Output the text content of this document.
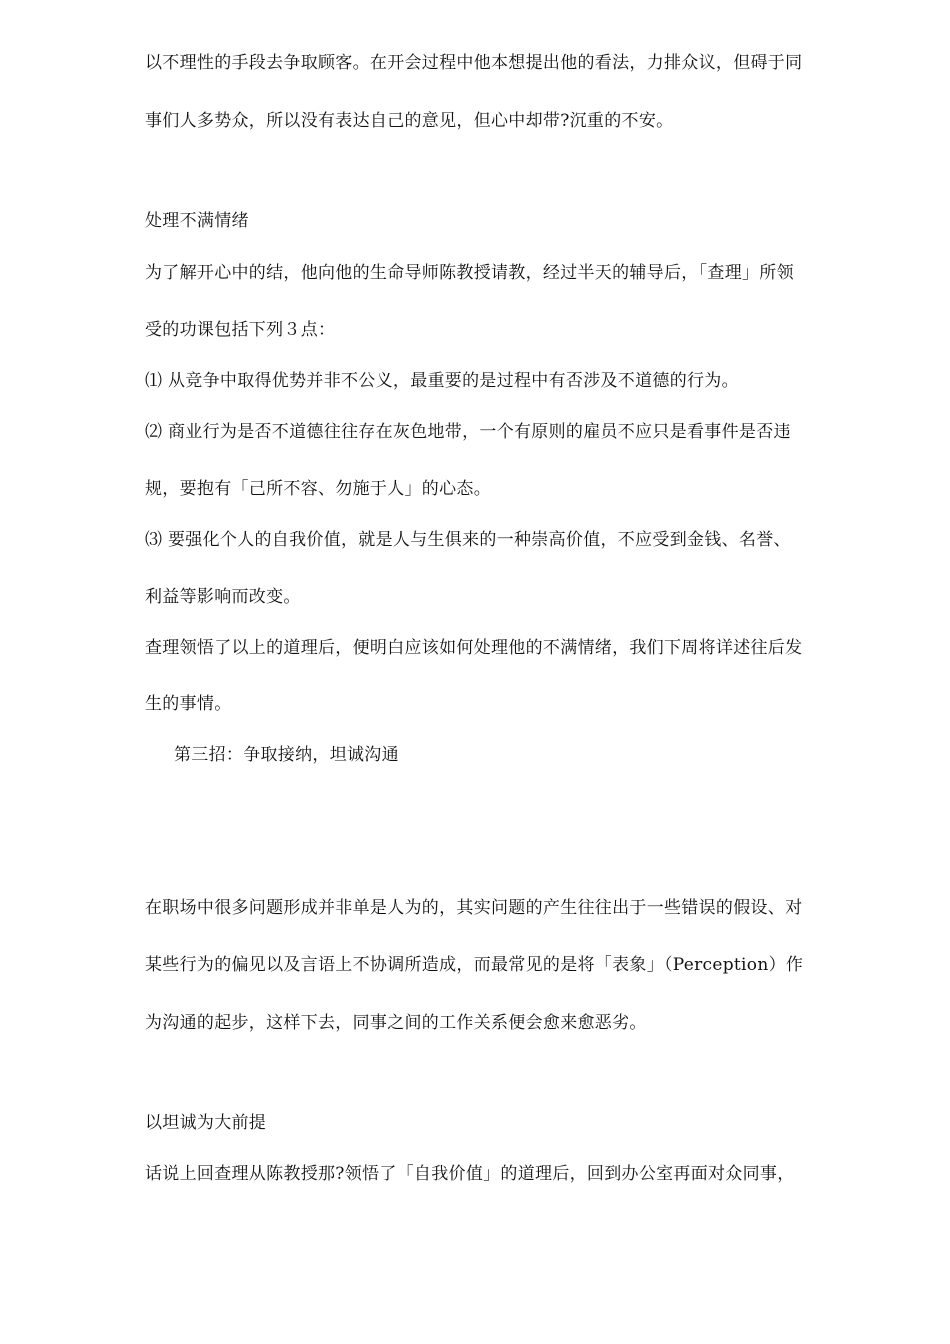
以不理性的手段去争取顾客。在开会过程中他本想提出他的看法，力排众议，但碍于同
事们人多势众，所以没有表达自己的意见，但心中却带?沉重的不安。
处理不满情绪
为了解开心中的结，他向他的生命导师陈教授请教，经过半天的辅导后，「查理」所领
受的功课包括下列３点：
⑴ 从竞争中取得优势并非不公义，最重要的是过程中有否涉及不道德的行为。
⑵ 商业行为是否不道德往往存在灰色地带，一个有原则的雇员不应只是看事件是否违
规，要抱有「己所不容、勿施于人」的心态。
⑶ 要强化个人的自我价值，就是人与生俱来的一种崇高价值，不应受到金钱、名誉、
利益等影响而改变。
查理领悟了以上的道理后，便明白应该如何处理他的不满情绪，我们下周将详述往后发
生的事情。
第三招：争取接纳，坦诚沟通
在职场中很多问题形成并非单是人为的，其实问题的产生往往出于一些错误的假设、对
某些行为的偏见以及言语上不协调所造成，而最常见的是将「表象」（Perception）作
为沟通的起步，这样下去，同事之间的工作关系便会愈来愈恶劣。
以坦诚为大前提
话说上回查理从陈教授那?领悟了「自我价值」的道理后，回到办公室再面对众同事，
